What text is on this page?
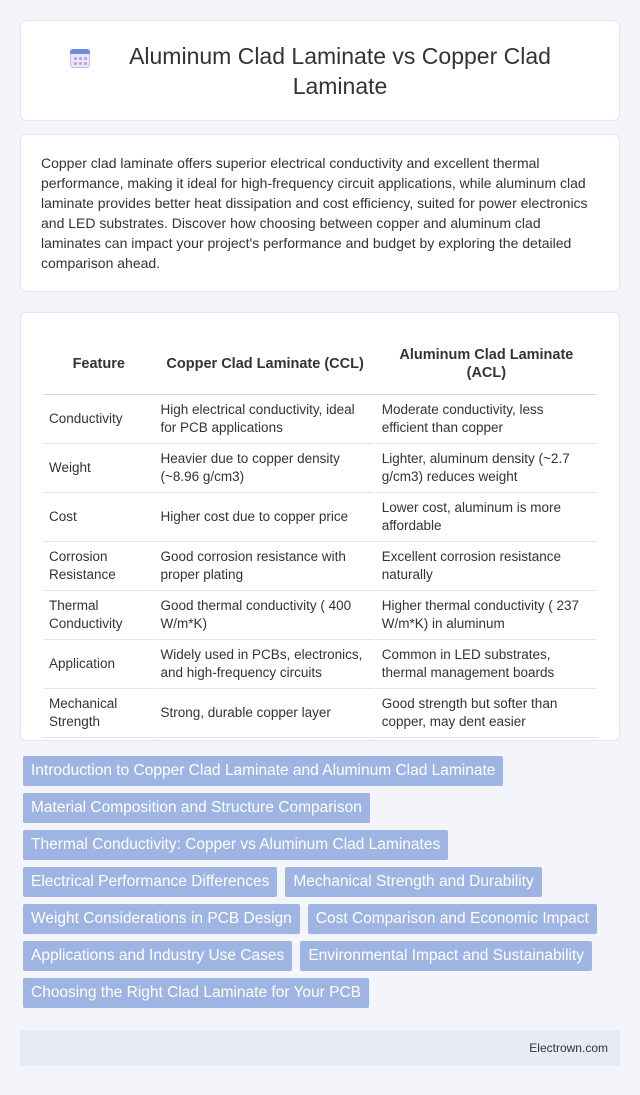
Aluminum Clad Laminate vs Copper Clad Laminate

Copper clad laminate offers superior electrical conductivity and excellent thermal performance, making it ideal for high-frequency circuit applications, while aluminum clad laminate provides better heat dissipation and cost efficiency, suited for power electronics and LED substrates. Discover how choosing between copper and aluminum clad laminates can impact your project's performance and budget by exploring the detailed comparison ahead.

Feature	Copper Clad Laminate (CCL)	Aluminum Clad Laminate (ACL)
Conductivity	High electrical conductivity, ideal for PCB applications	Moderate conductivity, less efficient than copper
Weight	Heavier due to copper density (~8.96 g/cm3)	Lighter, aluminum density (~2.7 g/cm3) reduces weight
Cost	Higher cost due to copper price	Lower cost, aluminum is more affordable
Corrosion Resistance	Good corrosion resistance with proper plating	Excellent corrosion resistance naturally
Thermal Conductivity	Good thermal conductivity ( 400 W/m*K)	Higher thermal conductivity ( 237 W/m*K) in aluminum
Application	Widely used in PCBs, electronics, and high-frequency circuits	Common in LED substrates, thermal management boards
Mechanical Strength	Strong, durable copper layer	Good strength but softer than copper, may dent easier
Introduction to Copper Clad Laminate and Aluminum Clad Laminate
Material Composition and Structure Comparison
Thermal Conductivity: Copper vs Aluminum Clad Laminates
Electrical Performance Differences	Mechanical Strength and Durability
Weight Considerations in PCB Design	Cost Comparison and Economic Impact
Applications and Industry Use Cases	Environmental Impact and Sustainability
Choosing the Right Clad Laminate for Your PCB
Electrown.com
